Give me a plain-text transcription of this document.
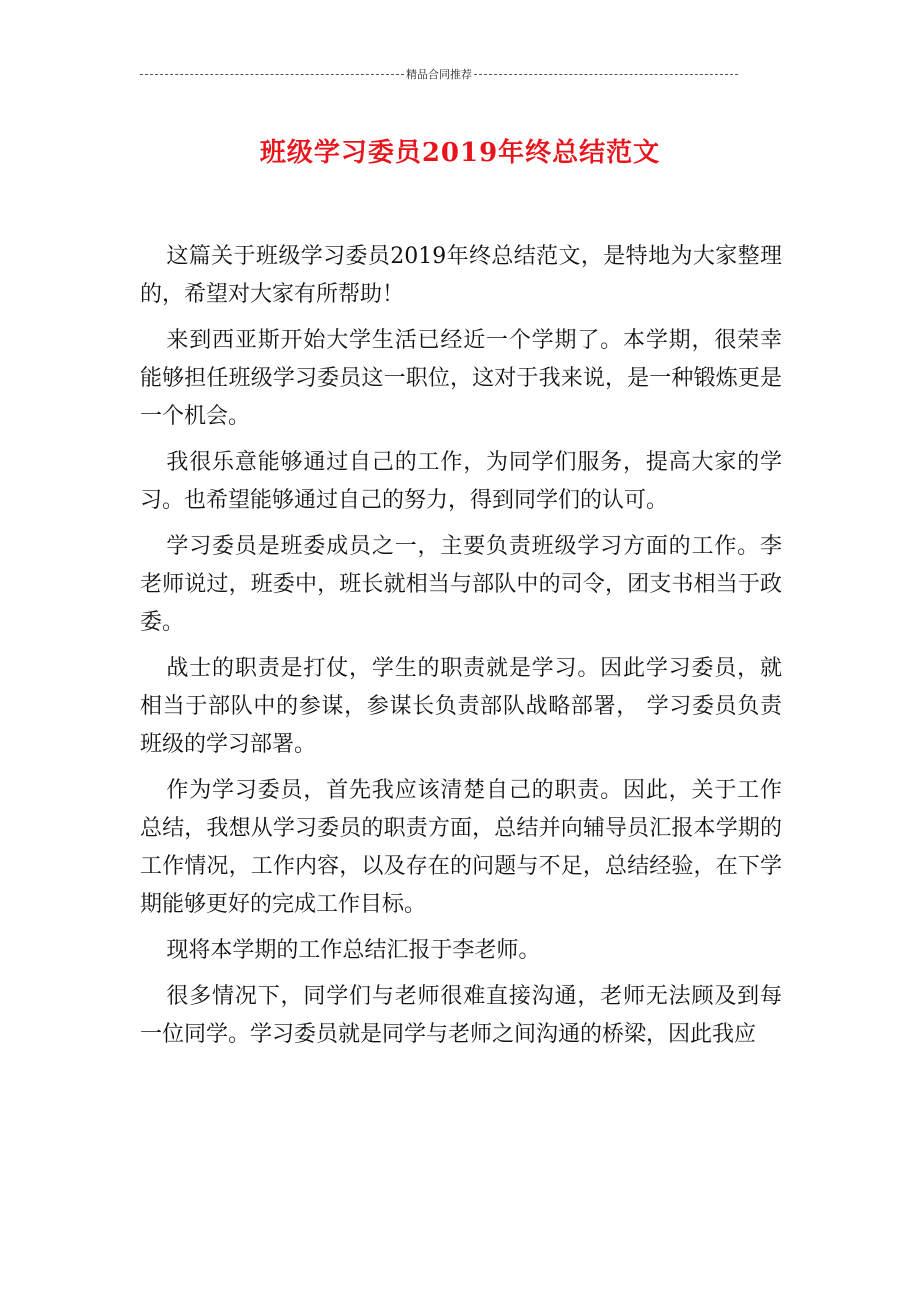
精品合同推荐
班级学习委员2019年终总结范文

这篇关于班级学习委员2019年终总结范文，是特地为大家整理的，希望对大家有所帮助！

来到西亚斯开始大学生活已经近一个学期了。本学期，很荣幸能够担任班级学习委员这一职位，这对于我来说，是一种锻炼更是一个机会。

我很乐意能够通过自己的工作，为同学们服务，提高大家的学习。也希望能够通过自己的努力，得到同学们的认可。

学习委员是班委成员之一，主要负责班级学习方面的工作。李老师说过，班委中，班长就相当与部队中的司令，团支书相当于政委。

战士的职责是打仗，学生的职责就是学习。因此学习委员，就相当于部队中的参谋，参谋长负责部队战略部署， 学习委员负责班级的学习部署。

作为学习委员，首先我应该清楚自己的职责。因此，关于工作总结，我想从学习委员的职责方面，总结并向辅导员汇报本学期的工作情况，工作内容，以及存在的问题与不足，总结经验，在下学期能够更好的完成工作目标。

现将本学期的工作总结汇报于李老师。

很多情况下，同学们与老师很难直接沟通，老师无法顾及到每一位同学。学习委员就是同学与老师之间沟通的桥梁，因此我应
